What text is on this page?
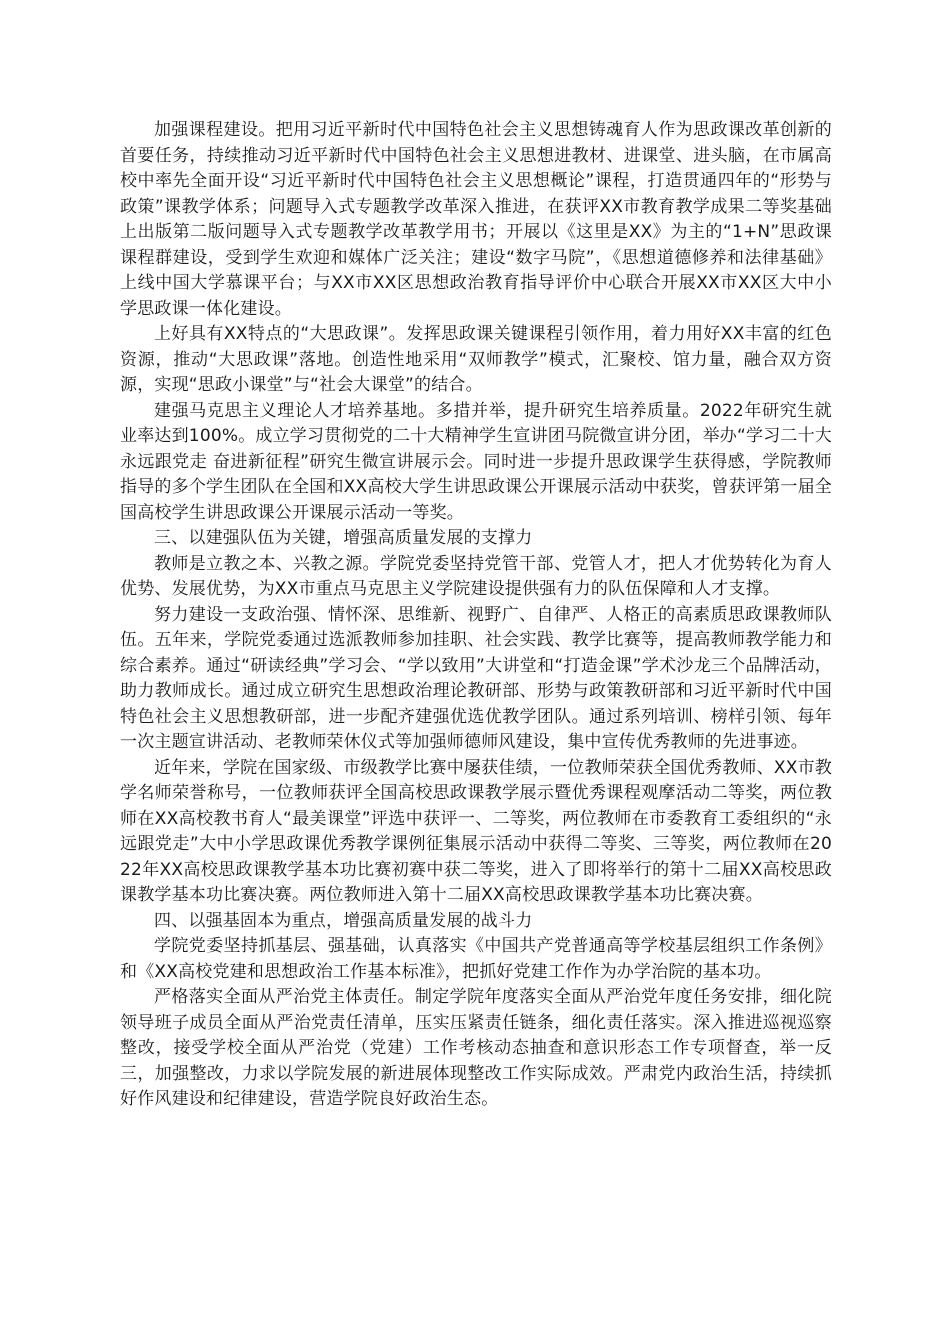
加强课程建设。把用习近平新时代中国特色社会主义思想铸魂育人作为思政课改革创新的首要任务，持续推动习近平新时代中国特色社会主义思想进教材、进课堂、进头脑，在市属高校中率先全面开设“习近平新时代中国特色社会主义思想概论”课程，打造贯通四年的“形势与政策”课教学体系；问题导入式专题教学改革深入推进，在获评XX市教育教学成果二等奖基础上出版第二版问题导入式专题教学改革教学用书；开展以《这里是XX》为主的“1+N”思政课课程群建设，受到学生欢迎和媒体广泛关注；建设“数字马院”，《思想道德修养和法律基础》上线中国大学慕课平台；与XX市XX区思想政治教育指导评价中心联合开展XX市XX区大中小学思政课一体化建设。

上好具有XX特点的“大思政课”。发挥思政课关键课程引领作用，着力用好XX丰富的红色资源，推动“大思政课”落地。创造性地采用“双师教学”模式，汇聚校、馆力量，融合双方资源，实现“思政小课堂”与“社会大课堂”的结合。

建强马克思主义理论人才培养基地。多措并举，提升研究生培养质量。2022年研究生就业率达到100%。成立学习贯彻党的二十大精神学生宣讲团马院微宣讲分团，举办“学习二十大 永远跟党走 奋进新征程”研究生微宣讲展示会。同时进一步提升思政课学生获得感，学院教师指导的多个学生团队在全国和XX高校大学生讲思政课公开课展示活动中获奖，曾获评第一届全国高校学生讲思政课公开课展示活动一等奖。

三、以建强队伍为关键，增强高质量发展的支撑力

教师是立教之本、兴教之源。学院党委坚持党管干部、党管人才，把人才优势转化为育人优势、发展优势，为XX市重点马克思主义学院建设提供强有力的队伍保障和人才支撑。

努力建设一支政治强、情怀深、思维新、视野广、自律严、人格正的高素质思政课教师队伍。五年来，学院党委通过选派教师参加挂职、社会实践、教学比赛等，提高教师教学能力和综合素养。通过“研读经典”学习会、“学以致用”大讲堂和“打造金课”学术沙龙三个品牌活动，助力教师成长。通过成立研究生思想政治理论教研部、形势与政策教研部和习近平新时代中国特色社会主义思想教研部，进一步配齐建强优选优教学团队。通过系列培训、榜样引领、每年一次主题宣讲活动、老教师荣休仪式等加强师德师风建设，集中宣传优秀教师的先进事迹。

近年来，学院在国家级、市级教学比赛中屡获佳绩，一位教师荣获全国优秀教师、XX市教学名师荣誉称号，一位教师获评全国高校思政课教学展示暨优秀课程观摩活动二等奖，两位教师在XX高校教书育人“最美课堂”评选中获评一、二等奖，两位教师在市委教育工委组织的“永远跟党走”大中小学思政课优秀教学课例征集展示活动中获得二等奖、三等奖，两位教师在2022年XX高校思政课教学基本功比赛初赛中获二等奖，进入了即将举行的第十二届XX高校思政课教学基本功比赛决赛。两位教师进入第十二届XX高校思政课教学基本功比赛决赛。

四、以强基固本为重点，增强高质量发展的战斗力

学院党委坚持抓基层、强基础，认真落实《中国共产党普通高等学校基层组织工作条例》和《XX高校党建和思想政治工作基本标准》，把抓好党建工作作为办学治院的基本功。

严格落实全面从严治党主体责任。制定学院年度落实全面从严治党年度任务安排，细化院领导班子成员全面从严治党责任清单，压实压紧责任链条，细化责任落实。深入推进巡视巡察整改，接受学校全面从严治党（党建）工作考核动态抽查和意识形态工作专项督查，举一反三，加强整改，力求以学院发展的新进展体现整改工作实际成效。严肃党内政治生活，持续抓好作风建设和纪律建设，营造学院良好政治生态。
